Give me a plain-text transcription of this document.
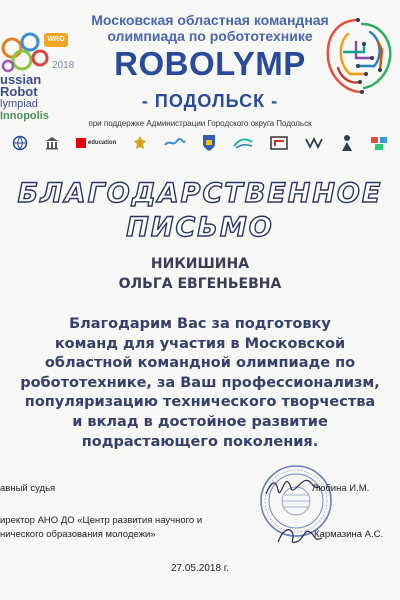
WRO
2018
ussian Robot
lympiad Innopolis
Московская областная командная
олимпиада по робототехнике
ROBOLYMP
- ПОДОЛЬСК -
при поддержке Администрации Городского округа Подольск
education
БЛАГОДАРСТВЕННОЕ
ПИСЬМО
НИКИШИНА
ОЛЬГА ЕВГЕНЬЕВНА
Благодарим Вас за подготовку
команд для участия в Московской
областной командной олимпиаде по
робототехнике, за Ваш профессионализм,
популяризацию технического творчества
и вклад в достойное развитие
подрастающего поколения.
авный судья	Любина И.М.
иректор АНО ДО «Центр развития научного и
нического образования молодежи»	Кармазина А.С.
27.05.2018 г.
